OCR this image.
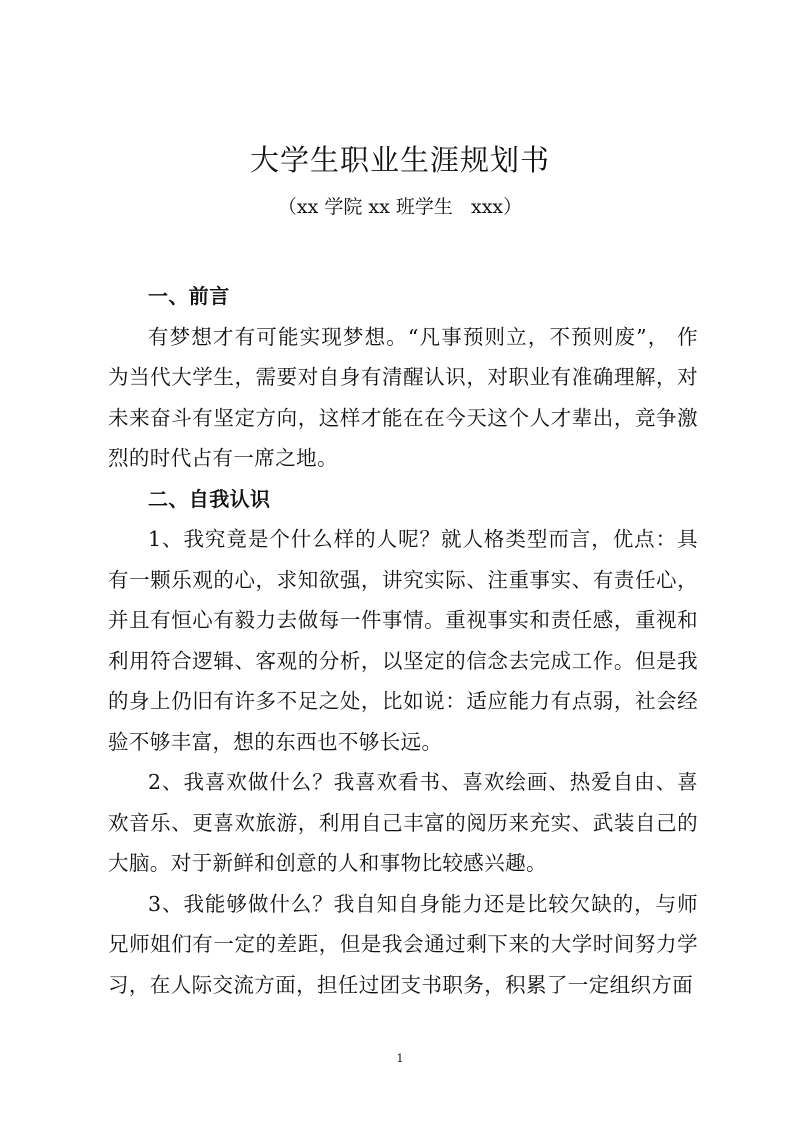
大学生职业生涯规划书

（xx 学院 xx 班学生   xxx）

一、前言

有梦想才有可能实现梦想。“凡事预则立，不预则废”， 作为当代大学生，需要对自身有清醒认识，对职业有准确理解，对未来奋斗有坚定方向，这样才能在在今天这个人才辈出，竞争激烈的时代占有一席之地。

二、自我认识

1、我究竟是个什么样的人呢？就人格类型而言，优点：具有一颗乐观的心，求知欲强，讲究实际、注重事实、有责任心，并且有恒心有毅力去做每一件事情。重视事实和责任感，重视和利用符合逻辑、客观的分析，以坚定的信念去完成工作。但是我的身上仍旧有许多不足之处，比如说：适应能力有点弱，社会经验不够丰富，想的东西也不够长远。

2、我喜欢做什么？我喜欢看书、喜欢绘画、热爱自由、喜欢音乐、更喜欢旅游，利用自己丰富的阅历来充实、武装自己的大脑。对于新鲜和创意的人和事物比较感兴趣。

3、我能够做什么？我自知自身能力还是比较欠缺的，与师兄师姐们有一定的差距，但是我会通过剩下来的大学时间努力学习，在人际交流方面，担任过团支书职务，积累了一定组织方面

1
